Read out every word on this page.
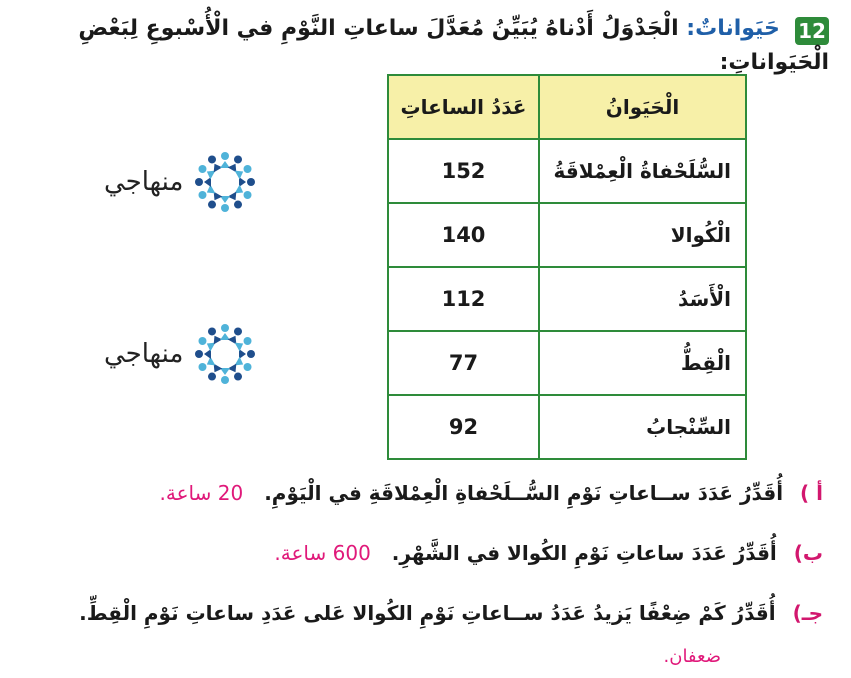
12 حَيَواناتٌ: الْجَدْوَلُ أَدْناهُ يُبَيِّنُ مُعَدَّلَ ساعاتِ النَّوْمِ في الْأُسْبوعِ لِبَعْضِ الْحَيَواناتِ:
الْحَيَوانُ	عَدَدُ الساعاتِ
السُّلَحْفاةُ الْعِمْلاقَةُ	152
الْكُوالا	140
الْأَسَدُ	112
الْقِطُّ	77
السِّنْجابُ	92
منهاجي
منهاجي
أ ) أُقَدِّرُ عَدَدَ ســاعاتِ نَوْمِ السُّــلَحْفاةِ الْعِمْلاقَةِ في الْيَوْمِ. 20 ساعة.
ب) أُقَدِّرُ عَدَدَ ساعاتِ نَوْمِ الكُوالا في الشَّهْرِ. 600 ساعة.
جـ) أُقَدِّرُ كَمْ ضِعْفًا يَزيدُ عَدَدُ ســاعاتِ نَوْمِ الكُوالا عَلى عَدَدِ ساعاتِ نَوْمِ الْقِطِّ.
ضعفان.
